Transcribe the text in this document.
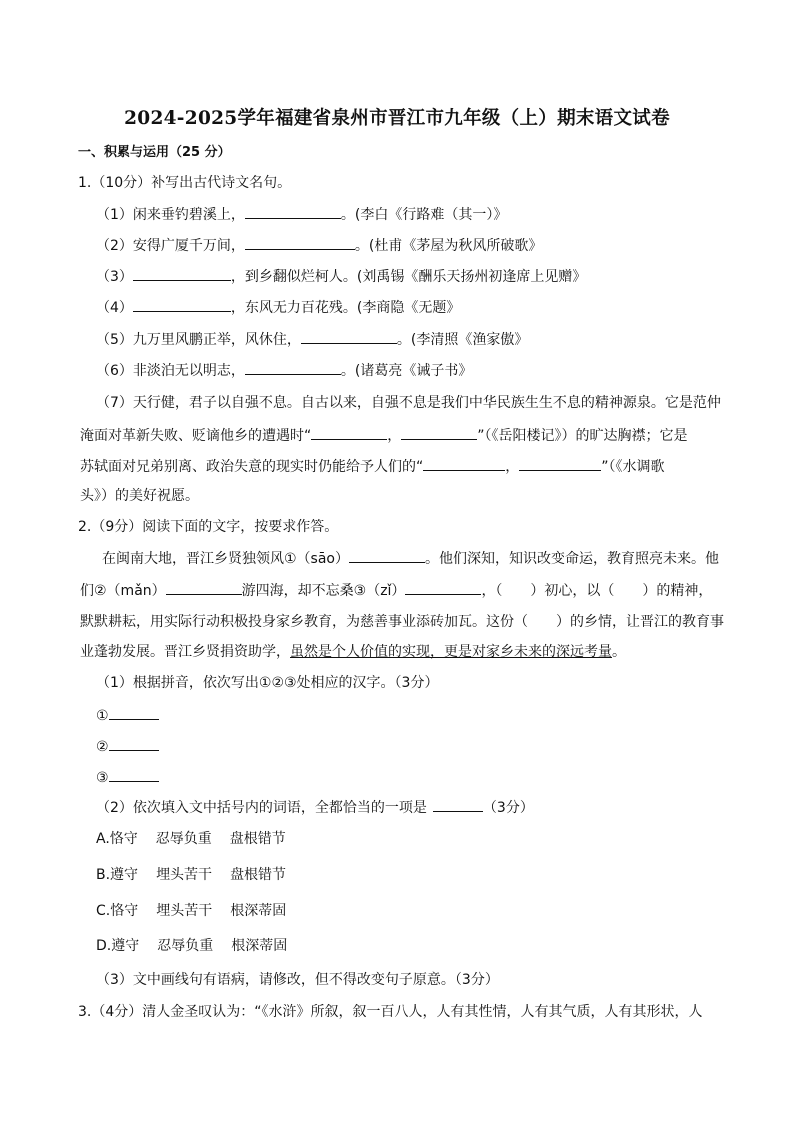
2024-2025学年福建省泉州市晋江市九年级（上）期末语文试卷
一、积累与运用（25 分）
1.（10分）补写出古代诗文名句。
（1）闲来垂钓碧溪上，	。(李白《行路难（其一）》
（2）安得广厦千万间，	。(杜甫《茅屋为秋风所破歌》
（3）	，到乡翻似烂柯人。(刘禹锡《酬乐天扬州初逢席上见赠》
（4）	，东风无力百花残。(李商隐《无题》
（5）九万里风鹏正举，风休住，	。(李清照《渔家傲》
（6）非淡泊无以明志，	。(诸葛亮《诫子书》
（7）天行健，君子以自强不息。自古以来，自强不息是我们中华民族生生不息的精神源泉。它是范仲
淹面对革新失败、贬谪他乡的遭遇时“	，	”（《岳阳楼记》）的旷达胸襟；它是
苏轼面对兄弟别离、政治失意的现实时仍能给予人们的“	，	”（《水调歌
头》）的美好祝愿。
2.（9分）阅读下面的文字，按要求作答。
在闽南大地，晋江乡贤独领风①（sāo）	。他们深知，知识改变命运，教育照亮未来。他
们②（mǎn）	游四海，却不忘桑③（zǐ）	，（　　）初心，以（　　）的精神，
默默耕耘，用实际行动积极投身家乡教育，为慈善事业添砖加瓦。这份（　　）的乡情，让晋江的教育事
业蓬勃发展。晋江乡贤捐资助学，虽然是个人价值的实现，更是对家乡未来的深远考量。
（1）根据拼音，依次写出①②③处相应的汉字。（3分）
①
②
③
（2）依次填入文中括号内的词语，全都恰当的一项是	（3分）
A.恪守 忍辱负重 盘根错节
B.遵守 埋头苦干 盘根错节
C.恪守 埋头苦干 根深蒂固
D.遵守 忍辱负重 根深蒂固
（3）文中画线句有语病，请修改，但不得改变句子原意。（3分）
3.（4分）清人金圣叹认为：“《水浒》所叙，叙一百八人，人有其性情，人有其气质，人有其形状，人
